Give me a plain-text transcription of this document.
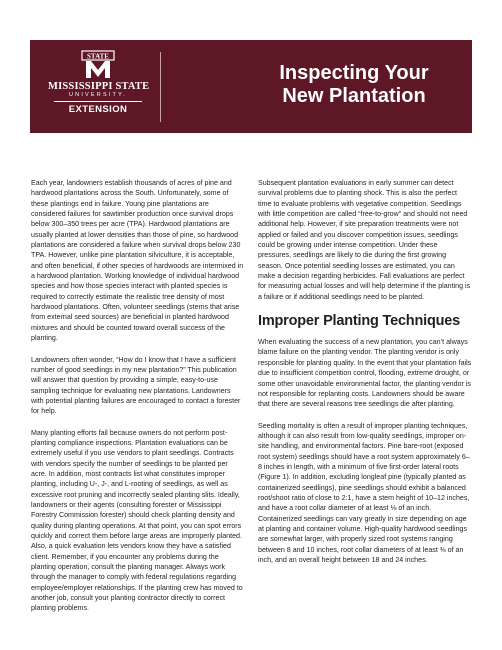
STATE
MISSISSIPPI STATE
UNIVERSITY.
EXTENSION
Inspecting Your
New Plantation

Each year, landowners establish thousands of acres of pine and hardwood plantations across the South. Unfortunately, some of these plantings end in failure. Young pine plantations are considered failures for sawtimber production once survival drops below 300–350 trees per acre (TPA). Hardwood plantations are usually planted at lower densities than those of pine, so hardwood plantations are considered a failure when survival drops below 230 TPA. However, unlike pine plantation silviculture, it is acceptable, and often beneficial, if other species of hardwoods are intermixed in a hardwood plantation. Working knowledge of individual hardwood species and how those species interact with planted species is required to correctly estimate the realistic tree density of most hardwood plantations. Often, volunteer seedlings (stems that arise from external seed sources) are beneficial in planted hardwood mixtures and should be counted toward overall success of the planting.

Landowners often wonder, “How do I know that I have a sufficient number of good seedlings in my new plantation?” This publication will answer that question by providing a simple, easy-to-use sampling technique for evaluating new plantations. Landowners with potential planting failures are encouraged to contact a forester for help.

Many planting efforts fail because owners do not perform post-planting compliance inspections. Plantation evaluations can be extremely useful if you use vendors to plant seedlings. Contracts with vendors specify the number of seedlings to be planted per acre. In addition, most contracts list what constitutes improper planting, including U-, J-, and L-rooting of seedlings, as well as excessive root pruning and incorrectly sealed planting slits. Ideally, landowners or their agents (consulting forester or Mississippi Forestry Commission forester) should check planting density and quality during planting operations. At that point, you can spot errors quickly and correct them before large areas are improperly planted. Also, a quick evaluation lets vendors know they have a satisfied client. Remember, if you encounter any problems during the planting operation, consult the planting manager. Always work through the manager to comply with federal regulations regarding employee/employer relationships. If the planting crew has moved to another job, consult your planting contractor directly to correct planting problems.

Subsequent plantation evaluations in early summer can detect survival problems due to planting shock. This is also the perfect time to evaluate problems with vegetative competition. Seedlings with little competition are called “free-to-grow” and should not need additional help. However, if site preparation treatments were not applied or failed and you discover competition issues, seedlings could be growing under intense competition. Under these pressures, seedlings are likely to die during the first growing season. Once potential seedling losses are estimated, you can make a decision regarding herbicides. Fall evaluations are perfect for measuring actual losses and will help determine if the planting is a failure or if additional seedlings need to be planted.

Improper Planting Techniques

When evaluating the success of a new plantation, you can’t always blame failure on the planting vendor. The planting vendor is only responsible for planting quality. In the event that your plantation fails due to insufficient competition control, flooding, extreme drought, or some other unavoidable environmental factor, the planting vendor is not responsible for replanting costs. Landowners should be aware that there are several reasons tree seedlings die after planting.

Seedling mortality is often a result of improper planting techniques, although it can also result from low-quality seedlings, improper on-site handling, and environmental factors. Pine bare-root (exposed root system) seedlings should have a root system approximately 6–8 inches in length, with a minimum of five first-order lateral roots (Figure 1). In addition, excluding longleaf pine (typically planted as containerized seedlings), pine seedlings should exhibit a balanced root/shoot ratio of close to 2:1, have a stem height of 10–12 inches, and have a root collar diameter of at least ⅛ of an inch. Containerized seedlings can vary greatly in size depending on age at planting and container volume. High-quality hardwood seedlings are somewhat larger, with properly sized root systems ranging between 8 and 10 inches, root collar diameters of at least ⅜ of an inch, and an overall height between 18 and 24 inches.
